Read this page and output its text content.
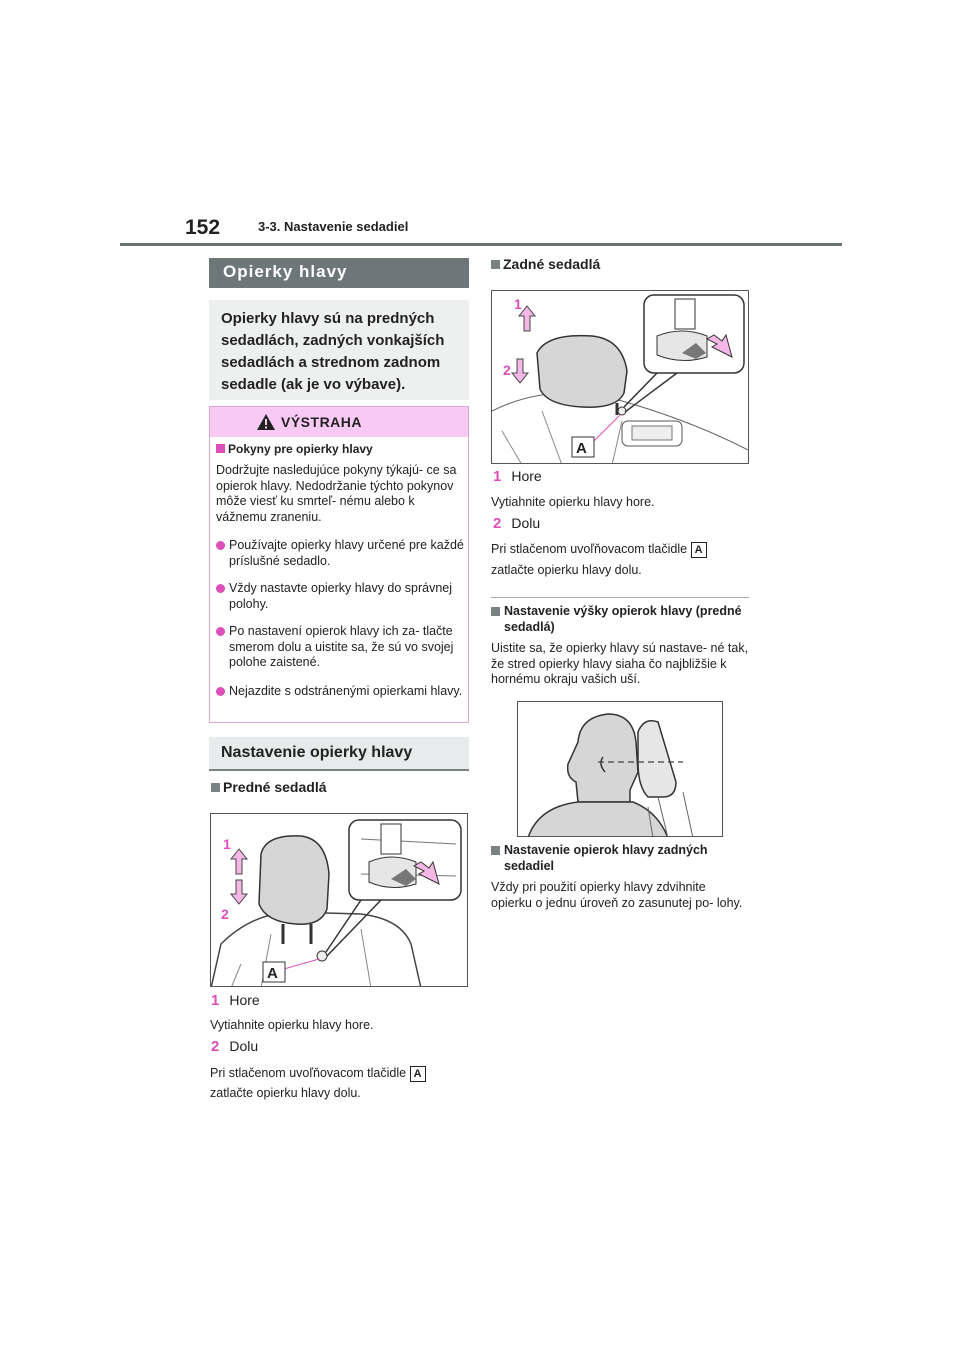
152	3-3. Nastavenie sedadiel
Opierky hlavy
Opierky hlavy sú na predných sedadlách, zadných vonkajších sedadlách a strednom zadnom sedadle (ak je vo výbave).
VÝSTRAHA
Pokyny pre opierky hlavy
Dodržujte nasledujúce pokyny týkajú- ce sa opierok hlavy. Nedodržanie týchto pokynov môže viesť ku smrteľ- nému alebo k vážnemu zraneniu.
Používajte opierky hlavy určené pre každé príslušné sedadlo.
Vždy nastavte opierky hlavy do správnej polohy.
Po nastavení opierok hlavy ich za- tlačte smerom dolu a uistite sa, že sú vo svojej polohe zaistené.
Nejazdite s odstránenými opierkami hlavy.
Nastavenie opierky hlavy
Predné sedadlá
1
2
A
1 Hore
Vytiahnite opierku hlavy hore.
2 Dolu
Pri stlačenom uvoľňovacom tlačidle A
zatlačte opierku hlavy dolu.
Zadné sedadlá
1
2
A
1 Hore
Vytiahnite opierku hlavy hore.
2 Dolu
Pri stlačenom uvoľňovacom tlačidle A
zatlačte opierku hlavy dolu.
Nastavenie výšky opierok hlavy (predné sedadlá)
Uistite sa, že opierky hlavy sú nastave- né tak, že stred opierky hlavy siaha čo najbližšie k hornému okraju vašich uší.
Nastavenie opierok hlavy zadných sedadiel
Vždy pri použití opierky hlavy zdvihnite opierku o jednu úroveň zo zasunutej po- lohy.
